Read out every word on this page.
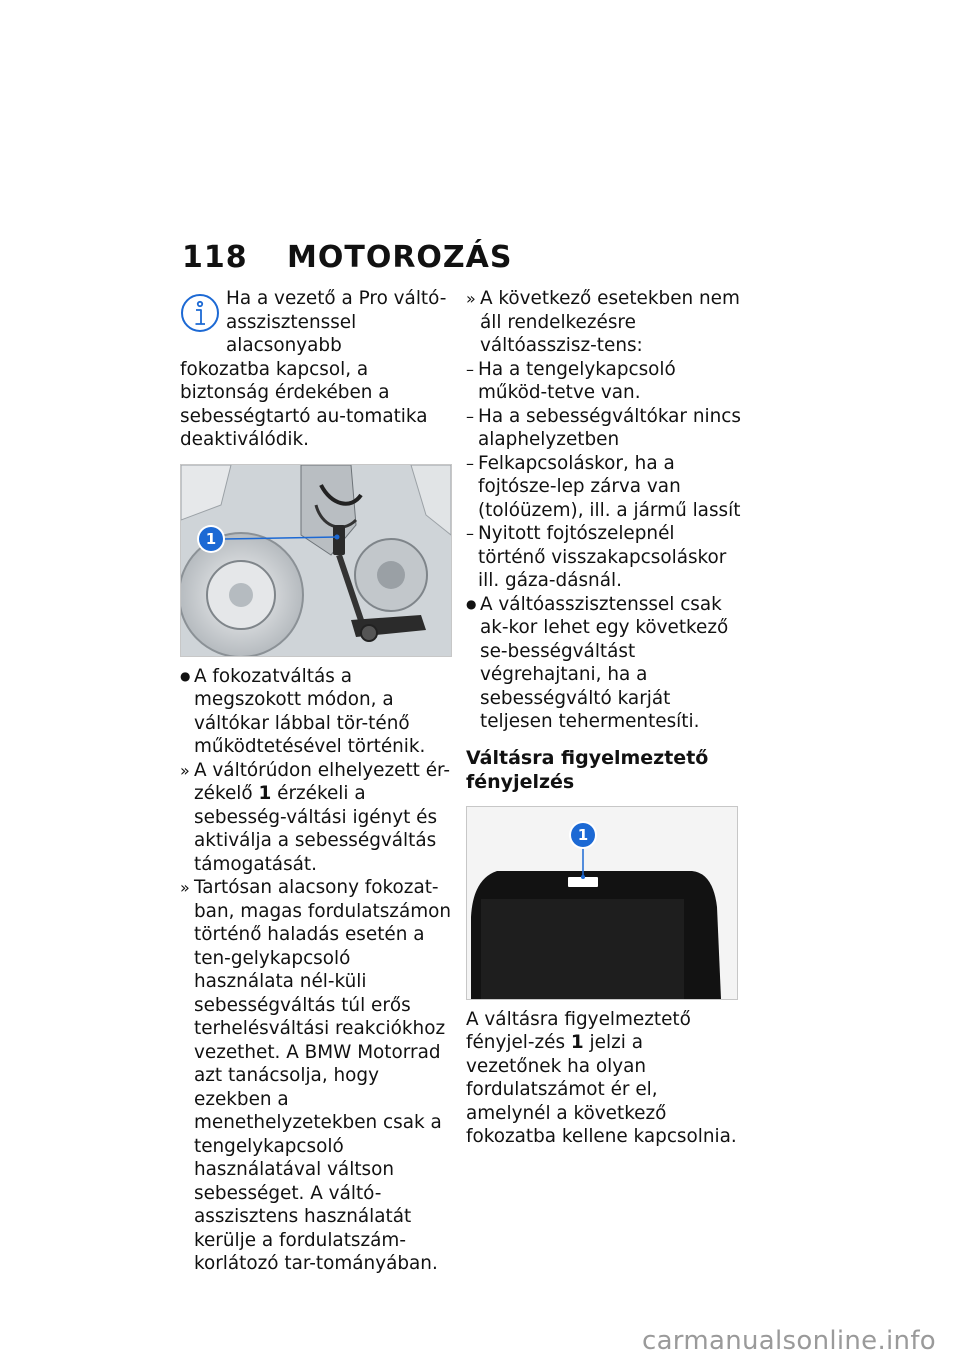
118 MOTOROZÁS
Ha a vezető a Pro váltó-
asszisztenssel alacsonyabb
fokozatba kapcsol, a biztonság érdekében a sebességtartó au-tomatika deaktiválódik.
1
● A fokozatváltás a megszokott módon, a váltókar lábbal tör-ténő működtetésével történik.
» A váltórúdon elhelyezett ér-zékelő 1 érzékeli a sebesség-váltási igényt és aktiválja a sebességváltás támogatását.
» Tartósan alacsony fokozat-ban, magas fordulatszámon történő haladás esetén a ten-gelykapcsoló használata nél-küli sebességváltás túl erős terhelésváltási reakciókhoz vezethet. A BMW Motorrad azt tanácsolja, hogy ezekben a menethelyzetekben csak a tengelykapcsoló használatával váltson sebességet. A váltó-asszisztens használatát kerülje a fordulatszám-korlátozó tar-tományában.
» A következő esetekben nem áll rendelkezésre váltóasszisz-tens:
– Ha a tengelykapcsoló működ-tetve van.
– Ha a sebességváltókar nincs alaphelyzetben
– Felkapcsoláskor, ha a fojtósze-lep zárva van (tolóüzem), ill. a jármű lassít
– Nyitott fojtószelepnél történő visszakapcsoláskor ill. gáza-dásnál.
● A váltóasszisztenssel csak ak-kor lehet egy következő se-bességváltást végrehajtani, ha a sebességváltó karját teljesen tehermentesíti.
Váltásra figyelmeztető fényjelzés
1
A váltásra figyelmeztető fényjel-zés 1 jelzi a vezetőnek ha olyan fordulatszámot ér el, amelynél a következő fokozatba kellene kapcsolnia.
carmanualsonline.info
